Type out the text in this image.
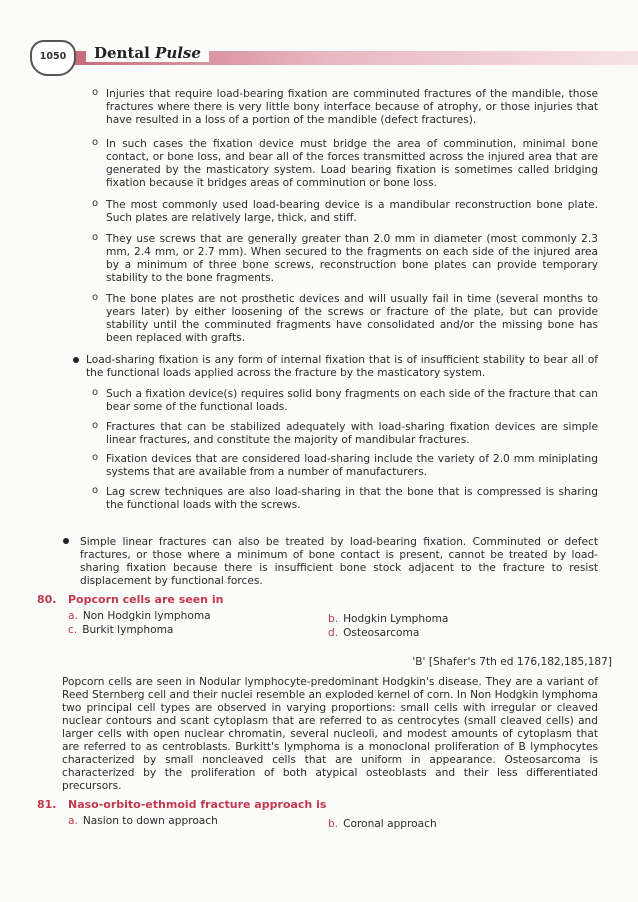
1050	Dental Pulse
o Injuries that require load-bearing fixation are comminuted fractures of the mandible, those fractures where there is very little bony interface because of atrophy, or those injuries that have resulted in a loss of a portion of the mandible (defect fractures).

o In such cases the fixation device must bridge the area of comminution, minimal bone contact, or bone loss, and bear all of the forces transmitted across the injured area that are generated by the masticatory system. Load bearing fixation is sometimes called bridging fixation because it bridges areas of comminution or bone loss.

o The most commonly used load-bearing device is a mandibular reconstruction bone plate. Such plates are relatively large, thick, and stiff.

o They use screws that are generally greater than 2.0 mm in diameter (most commonly 2.3 mm, 2.4 mm, or 2.7 mm). When secured to the fragments on each side of the injured area by a minimum of three bone screws, reconstruction bone plates can provide temporary stability to the bone fragments.

o The bone plates are not prosthetic devices and will usually fail in time (several months to years later) by either loosening of the screws or fracture of the plate, but can provide stability until the comminuted fragments have consolidated and/or the missing bone has been replaced with grafts.

Load-sharing fixation is any form of internal fixation that is of insufficient stability to bear all of the functional loads applied across the fracture by the masticatory system.

o Such a fixation device(s) requires solid bony fragments on each side of the fracture that can bear some of the functional loads.

o Fractures that can be stabilized adequately with load-sharing fixation devices are simple linear fractures, and constitute the majority of mandibular fractures.

o Fixation devices that are considered load-sharing include the variety of 2.0 mm miniplating systems that are available from a number of manufacturers.

o Lag screw techniques are also load-sharing in that the bone that is compressed is sharing the functional loads with the screws.

Simple linear fractures can also be treated by load-bearing fixation. Comminuted or defect fractures, or those where a minimum of bone contact is present, cannot be treated by load-sharing fixation because there is insufficient bone stock adjacent to the fracture to resist displacement by functional forces.

80. Popcorn cells are seen in
a. Non Hodgkin lymphoma	b. Hodgkin Lymphoma
c. Burkit lymphoma	d. Osteosarcoma
'B' [Shafer's 7th ed 176,182,185,187]

Popcorn cells are seen in Nodular lymphocyte-predominant Hodgkin's disease. They are a variant of Reed Sternberg cell and their nuclei resemble an exploded kernel of corn. In Non Hodgkin lymphoma two principal cell types are observed in varying proportions: small cells with irregular or cleaved nuclear contours and scant cytoplasm that are referred to as centrocytes (small cleaved cells) and larger cells with open nuclear chromatin, several nucleoli, and modest amounts of cytoplasm that are referred to as centroblasts. Burkitt's lymphoma is a monoclonal proliferation of B lymphocytes characterized by small noncleaved cells that are uniform in appearance. Osteosarcoma is characterized by the proliferation of both atypical osteoblasts and their less differentiated precursors.

81. Naso-orbito-ethmoid fracture approach is
a. Nasion to down approach	b. Coronal approach
